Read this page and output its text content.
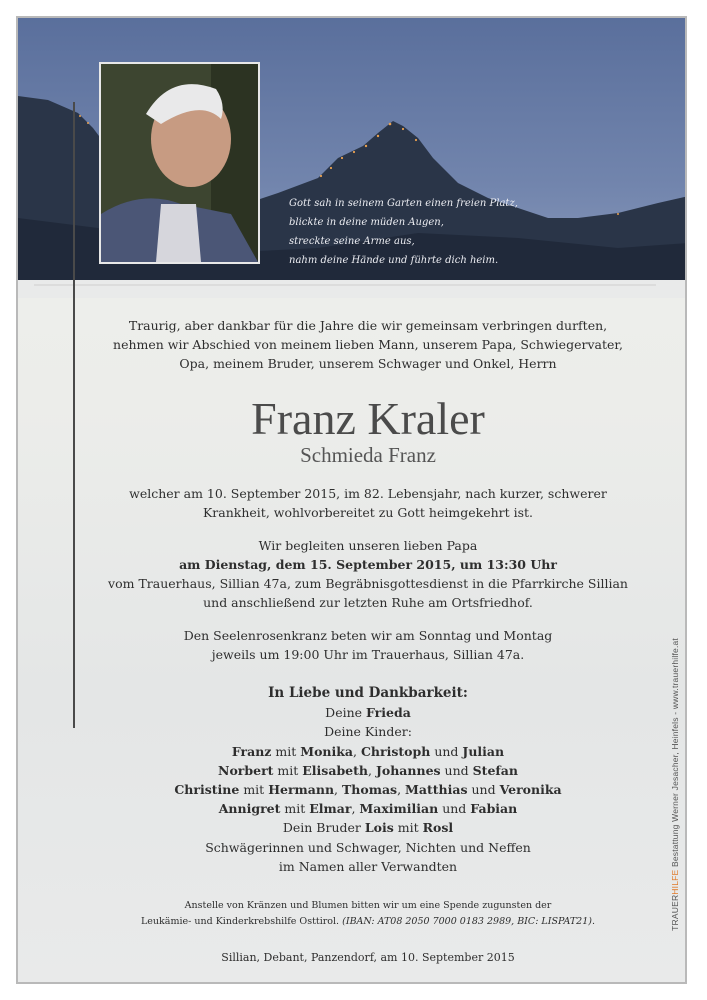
Gott sah in seinem Garten einen freien Platz,
blickte in deine müden Augen,
streckte seine Arme aus,
nahm deine Hände und führte dich heim.
Traurig, aber dankbar für die Jahre die wir gemeinsam verbringen durften,
nehmen wir Abschied von meinem lieben Mann, unserem Papa, Schwiegervater,
Opa, meinem Bruder, unserem Schwager und Onkel, Herrn
Franz Kraler
Schmieda Franz
welcher am 10. September 2015, im 82. Lebensjahr, nach kurzer, schwerer
Krankheit, wohlvorbereitet zu Gott heimgekehrt ist.
Wir begleiten unseren lieben Papa
am Dienstag, dem 15. September 2015, um 13:30 Uhr
vom Trauerhaus, Sillian 47a, zum Begräbnisgottesdienst in die Pfarrkirche Sillian
und anschließend zur letzten Ruhe am Ortsfriedhof.
Den Seelenrosenkranz beten wir am Sonntag und Montag
jeweils um 19:00 Uhr im Trauerhaus, Sillian 47a.
In Liebe und Dankbarkeit:
Deine Frieda
Deine Kinder:
Franz mit Monika, Christoph und Julian
Norbert mit Elisabeth, Johannes und Stefan
Christine mit Hermann, Thomas, Matthias und Veronika
Annigret mit Elmar, Maximilian und Fabian
Dein Bruder Lois mit Rosl
Schwägerinnen und Schwager, Nichten und Neffen
im Namen aller Verwandten
Anstelle von Kränzen und Blumen bitten wir um eine Spende zugunsten der
Leukämie- und Kinderkrebshilfe Osttirol. (IBAN: AT08 2050 7000 0183 2989, BIC: LISPAT21).
Sillian, Debant, Panzendorf, am 10. September 2015
TRAUERHILFE Bestattung Werner Jesacher, Heinfels - www.trauerhilfe.at
